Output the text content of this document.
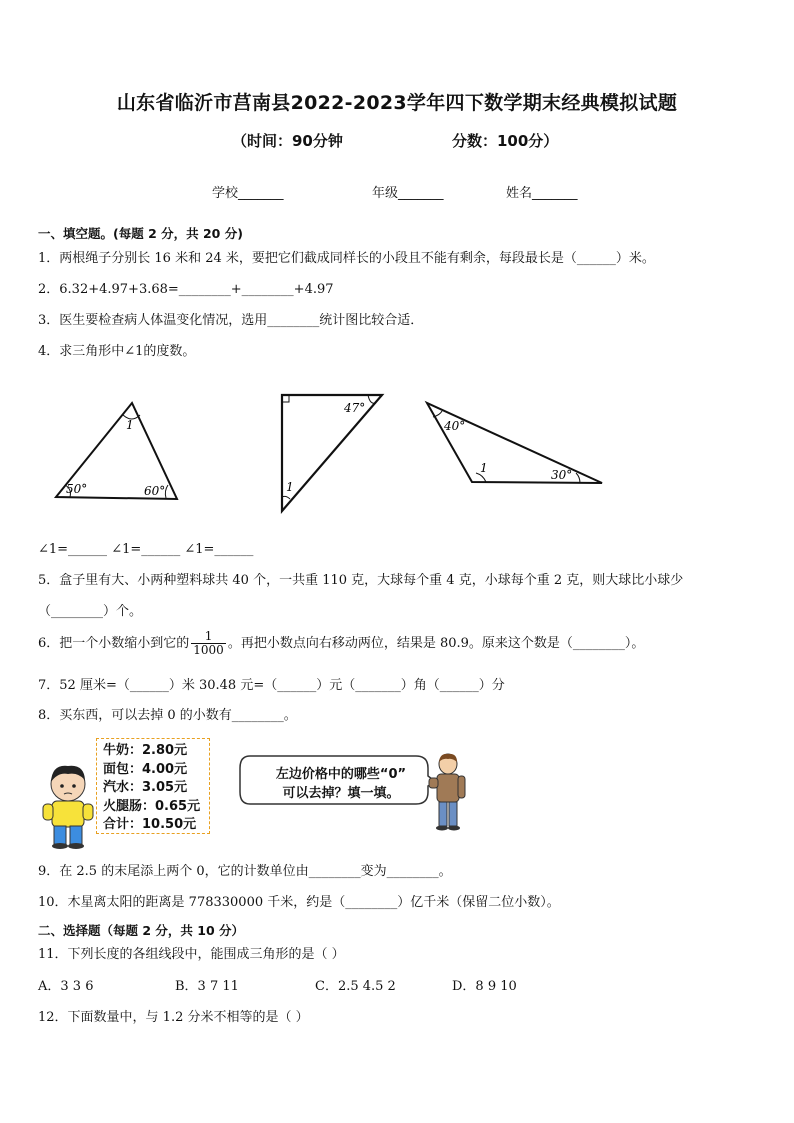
山东省临沂市莒南县2022-2023学年四下数学期末经典模拟试题
（时间：90分钟	分数：100分）
学校_______	年级_______	姓名_______
一、填空题。(每题 2 分，共 20 分)
1．两根绳子分别长 16 米和 24 米，要把它们截成同样长的小段且不能有剩余，每段最长是（______）米。
2．6.32+4.97+3.68=________+________+4.97
3．医生要检查病人体温变化情况，选用________统计图比较合适．
4．求三角形中∠1的度数。
1
50°	60°
47°
1
40°
1	30°
∠1=______ ∠1=______ ∠1=______
5．盒子里有大、小两种塑料球共 40 个，一共重 110 克，大球每个重 4 克，小球每个重 2 克，则大球比小球少
（________）个。
6．把一个小数缩小到它的 $\frac{1}{1000}$ 。再把小数点向右移动两位，结果是 80.9。原来这个数是（________）。
7．52 厘米=（______）米 30.48 元=（______）元（_______）角（______）分
8．买东西，可以去掉 0 的小数有________。
牛奶：2.80元
面包：4.00元
汽水：3.05元
火腿肠：0.65元
合计：10.50元
左边价格中的哪些“0”
可以去掉？填一填。
9．在 2.5 的末尾添上两个 0，它的计数单位由________变为________。
10．木星离太阳的距离是 778330000 千米，约是（________）亿千米（保留二位小数）。
二、选择题（每题 2 分，共 10 分）
11．下列长度的各组线段中，能围成三角形的是（ ）
A．3 3 6	B．3 7 11	C．2.5 4.5 2	D．8 9 10
12．下面数量中，与 1.2 分米不相等的是（ ）
